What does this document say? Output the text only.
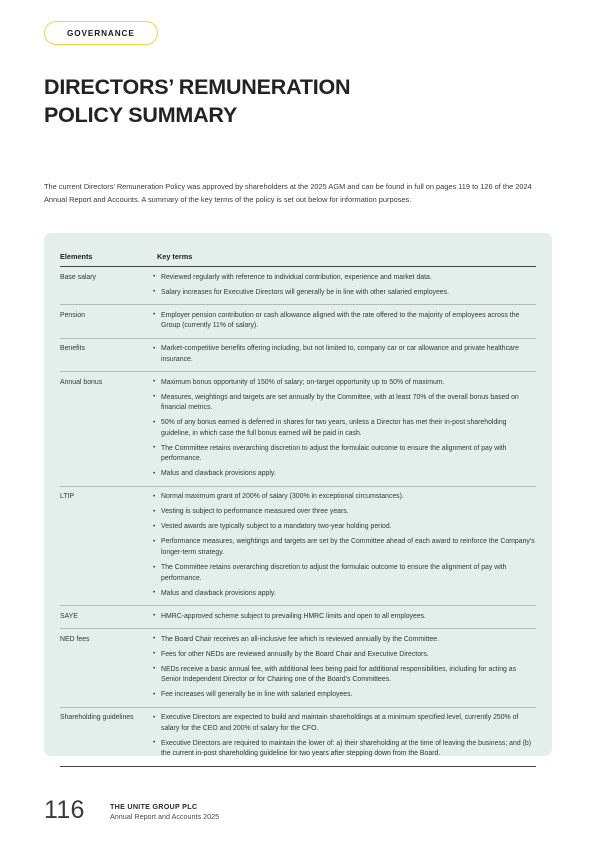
GOVERNANCE
DIRECTORS’ REMUNERATION
POLICY SUMMARY

The current Directors’ Remuneration Policy was approved by shareholders at the 2025 AGM and can be found in full on pages 119 to 126 of the 2024 Annual Report and Accounts. A summary of the key terms of the policy is set out below for information purposes.

Elements	Key terms
Base salary	
•Reviewed regularly with reference to individual contribution, experience and market data.
• Salary increases for Executive Directors will generally be in line with other salaried employees.

Pension	
•Employer pension contribution or cash allowance aligned with the rate offered to the majority of employees across the Group (currently 11% of salary).

Benefits	
•Market-competitive benefits offering including, but not limited to, company car or car allowance and private healthcare insurance.

Annual bonus	
•Maximum bonus opportunity of 150% of salary; on-target opportunity up to 50% of maximum.
• Measures, weightings and targets are set annually by the Committee, with at least 70% of the overall bonus based on financial metrics.
• 50% of any bonus earned is deferred in shares for two years, unless a Director has met their in-post shareholding guideline, in which case the full bonus earned will be paid in cash.
• The Committee retains overarching discretion to adjust the formulaic outcome to ensure the alignment of pay with performance.
• Malus and clawback provisions apply.

LTIP	
•Normal maximum grant of 200% of salary (300% in exceptional circumstances).
• Vesting is subject to performance measured over three years.
• Vested awards are typically subject to a mandatory two-year holding period.
• Performance measures, weightings and targets are set by the Committee ahead of each award to reinforce the Company’s longer-term strategy.
• The Committee retains overarching discretion to adjust the formulaic outcome to ensure the alignment of pay with performance.
• Malus and clawback provisions apply.

SAYE	
•HMRC-approved scheme subject to prevailing HMRC limits and open to all employees.

NED fees	
•The Board Chair receives an all-inclusive fee which is reviewed annually by the Committee.
• Fees for other NEDs are reviewed annually by the Board Chair and Executive Directors.
• NEDs receive a basic annual fee, with additional fees being paid for additional responsibilities, including for acting as Senior Independent Director or for Chairing one of the Board’s Committees.
• Fee increases will generally be in line with salaried employees.

Shareholding guidelines	
•Executive Directors are expected to build and maintain shareholdings at a minimum specified level, currently 250% of salary for the CEO and 200% of salary for the CFO.
• Executive Directors are required to maintain the lower of: a) their shareholding at the time of leaving the business; and (b) the current in-post shareholding guideline for two years after stepping down from the Board.
116	THE UNITE GROUP PLC
Annual Report and Accounts 2025
